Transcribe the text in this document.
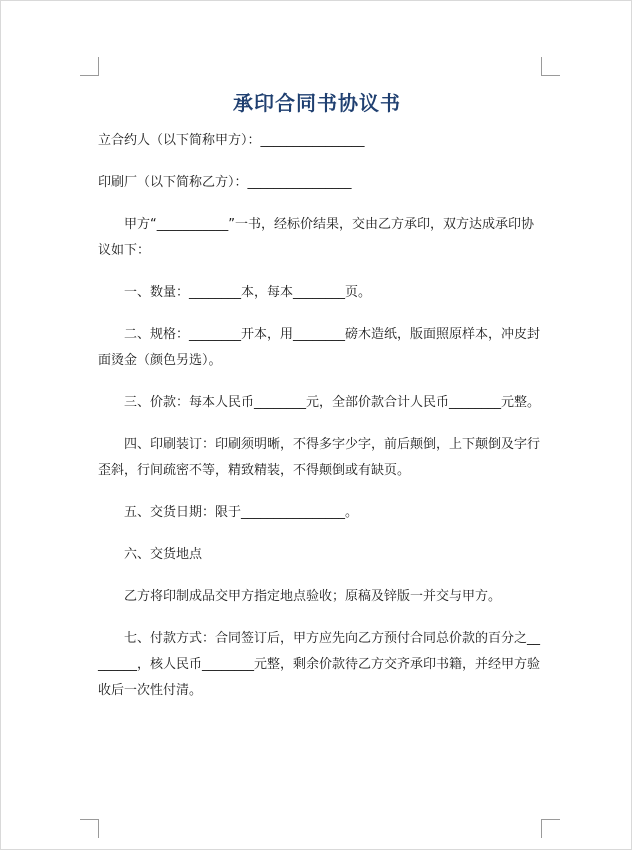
承印合同书协议书

立合约人（以下简称甲方）：________________

印刷厂（以下简称乙方）：________________

甲方“___________”一书，经标价结果，交由乙方承印，双方达成承印协议如下：

一、数量：________本，每本________页。

二、规格：________开本，用________磅木造纸，版面照原样本，冲皮封面烫金（颜色另选）。

三、价款：每本人民币________元，全部价款合计人民币________元整。

四、印刷装订：印刷须明晰，不得多字少字，前后颠倒，上下颠倒及字行歪斜，行间疏密不等，精致精装，不得颠倒或有缺页。

五、交货日期：限于________________。

六、交货地点

乙方将印制成品交甲方指定地点验收；原稿及锌版一并交与甲方。

七、付款方式：合同签订后，甲方应先向乙方预付合同总价款的百分之________，核人民币________元整，剩余价款待乙方交齐承印书籍，并经甲方验收后一次性付清。
